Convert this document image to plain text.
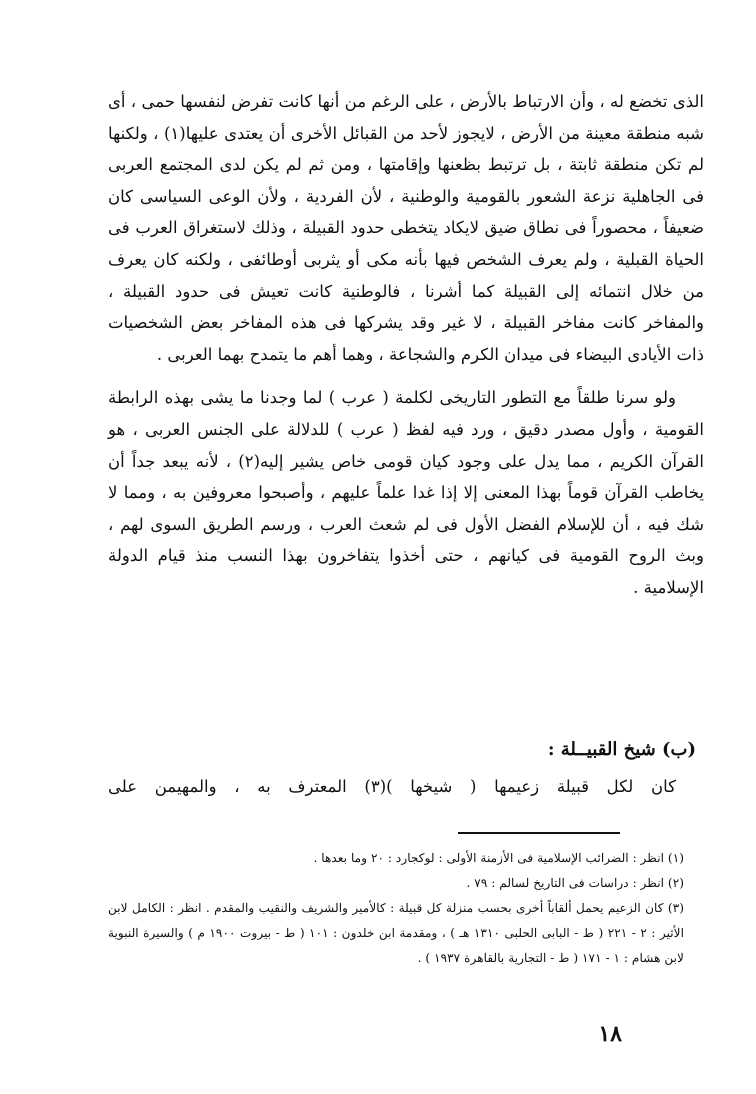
الذى تخضع له ، وأن الارتباط بالأرض ، على الرغم من أنها كانت تفرض لنفسها حمى ، أى شبه منطقة معينة من الأرض ، لايجوز لأحد من القبائل الأخرى أن يعتدى عليها(١) ، ولكنها لم تكن منطقة ثابتة ، بل ترتبط بظعنها وإقامتها ، ومن ثم لم يكن لدى المجتمع العربى فى الجاهلية نزعة الشعور بالقومية والوطنية ، لأن الفردية ، ولأن الوعى السياسى كان ضعيفاً ، محصوراً فى نطاق ضيق لايكاد يتخطى حدود القبيلة ، وذلك لاستغراق العرب فى الحياة القبلية ، ولم يعرف الشخص فيها بأنه مكى أو يثربى أوطائفى ، ولكنه كان يعرف من خلال انتمائه إلى القبيلة كما أشرنا ، فالوطنية كانت تعيش فى حدود القبيلة ، والمفاخر كانت مفاخر القبيلة ، لا غير وقد يشركها فى هذه المفاخر بعض الشخصيات ذات الأيادى البيضاء فى ميدان الكرم والشجاعة ، وهما أهم ما يتمدح بهما العربى .

ولو سرنا طلقاً مع التطور التاريخى لكلمة ( عرب ) لما وجدنا ما يشى بهذه الرابطة القومية ، وأول مصدر دقيق ، ورد فيه لفظ ( عرب ) للدلالة على الجنس العربى ، هو القرآن الكريم ، مما يدل على وجود كيان قومى خاص يشير إليه(٢) ، لأنه يبعد جداً أن يخاطب القرآن قوماً بهذا المعنى إلا إذا غدا علماً عليهم ، وأصبحوا معروفين به ، ومما لا شك فيه ، أن للإسلام الفضل الأول فى لم شعث العرب ، ورسم الطريق السوى لهم ، وبث الروح القومية فى كيانهم ، حتى أخذوا يتفاخرون بهذا النسب منذ قيام الدولة الإسلامية .

(ب) شيخ القبيــلة :
كان لكل قبيلة زعيمها ( شيخها )(٣) المعترف به ، والمهيمن على

(١) انظر : الضرائب الإسلامية فى الأزمنة الأولى : لوكجارد : ٢٠ وما بعدها .

(٢) انظر : دراسات فى التاريخ لسالم : ٧٩ .

(٣) كان الزعيم يحمل ألقاباً أخرى بحسب منزلة كل قبيلة : كالأمير والشريف والنقيب والمقدم . انظر : الكامل لابن الأثير : ٢ - ٢٢١ ( ط - البابى الحلبى ١٣١٠ هـ ) ، ومقدمة ابن خلدون : ١٠١ ( ط - بيروت ١٩٠٠ م ) والسيرة النبوية لابن هشام : ١ - ١٧١ ( ط - التجارية بالقاهرة ١٩٣٧ ) .

١٨
